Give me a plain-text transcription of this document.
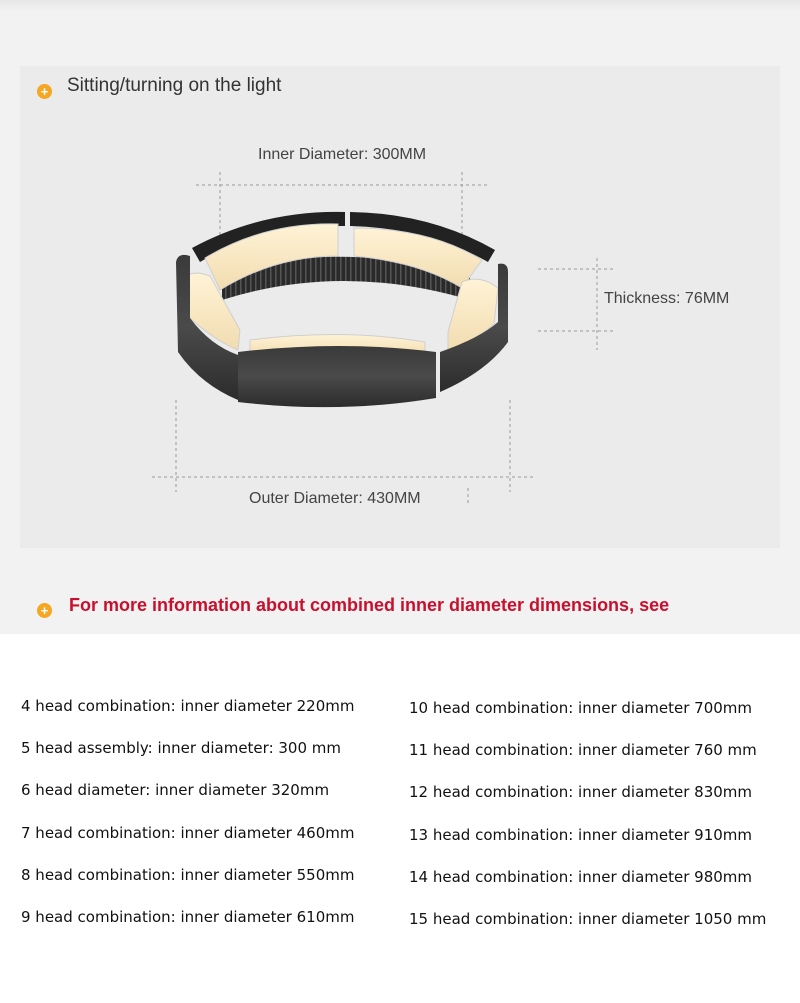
+ Sitting/turning on the light
Inner Diameter: 300MM
Thickness: 76MM
Outer Diameter: 430MM
+ For more information about combined inner diameter dimensions, see
4 head combination: inner diameter 220mm
5 head assembly: inner diameter: 300 mm
6 head diameter: inner diameter 320mm
7 head combination: inner diameter 460mm
8 head combination: inner diameter 550mm
9 head combination: inner diameter 610mm
10 head combination: inner diameter 700mm
11 head combination: inner diameter 760 mm
12 head combination: inner diameter 830mm
13 head combination: inner diameter 910mm
14 head combination: inner diameter 980mm
15 head combination: inner diameter 1050 mm
